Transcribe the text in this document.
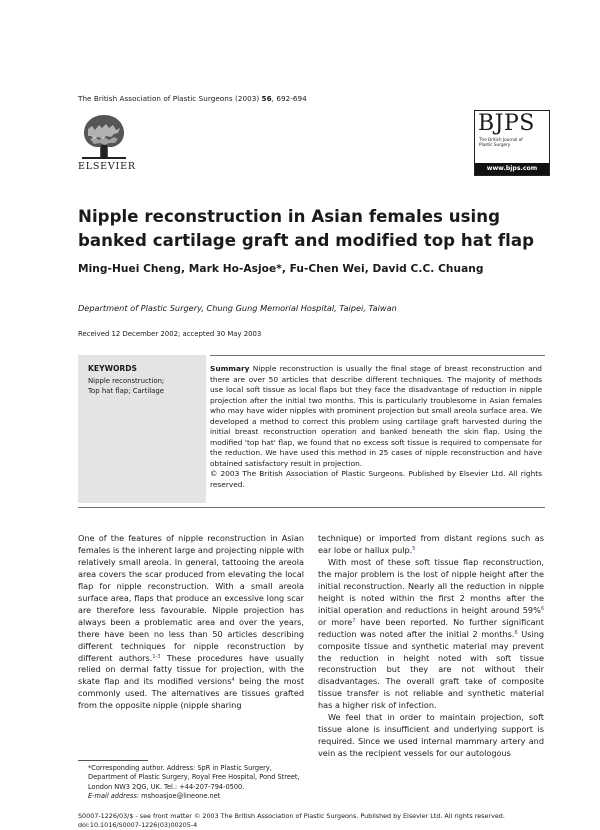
The British Association of Plastic Surgeons (2003) 56, 692-694
ELSEVIER
BJPS
The British Journal of
Plastic Surgery
www.bjps.com
Nipple reconstruction in Asian females using banked cartilage graft and modified top hat flap
Ming-Huei Cheng, Mark Ho-Asjoe*, Fu-Chen Wei, David C.C. Chuang
Department of Plastic Surgery, Chung Gung Memorial Hospital, Taipei, Taiwan
Received 12 December 2002; accepted 30 May 2003
KEYWORDS
Nipple reconstruction;
Top hat flap; Cartilage
Summary Nipple reconstruction is usually the final stage of breast reconstruction and there are over 50 articles that describe different techniques. The majority of methods use local soft tissue as local flaps but they face the disadvantage of reduction in nipple projection after the initial two months. This is particularly troublesome in Asian females who may have wider nipples with prominent projection but small areola surface area. We developed a method to correct this problem using cartilage graft harvested during the initial breast reconstruction operation and banked beneath the skin flap. Using the modified 'top hat' flap, we found that no excess soft tissue is required to compensate for the reduction. We have used this method in 25 cases of nipple reconstruction and have obtained satisfactory result in projection.
© 2003 The British Association of Plastic Surgeons. Published by Elsevier Ltd. All rights reserved.

One of the features of nipple reconstruction in Asian females is the inherent large and projecting nipple with relatively small areola. In general, tattooing the areola area covers the scar produced from elevating the local flap for nipple reconstruction. With a small areola surface area, flaps that produce an excessive long scar are therefore less favourable. Nipple projection has always been a problematic area and over the years, there have been no less than 50 articles describing different techniques for nipple reconstruction by different authors.$^{1-3}$ These procedures have usually relied on dermal fatty tissue for projection, with the skate flap and its modified versions$^4$ being the most commonly used. The alternatives are tissues grafted from the opposite nipple (nipple sharing

technique) or imported from distant regions such as ear lobe or hallux pulp.$^5$

With most of these soft tissue flap reconstruction, the major problem is the lost of nipple height after the initial reconstruction. Nearly all the reduction in nipple height is noted within the first 2 months after the initial operation and reductions in height around 59%$^6$ or more$^7$ have been reported. No further significant reduction was noted after the initial 2 months.$^6$ Using composite tissue and synthetic material may prevent the reduction in height noted with soft tissue reconstruction but they are not without their disadvantages. The overall graft take of composite tissue transfer is not reliable and synthetic material has a higher risk of infection.

We feel that in order to maintain projection, soft tissue alone is insufficient and underlying support is required. Since we used internal mammary artery and vein as the recipient vessels for our autologous

*Corresponding author. Address: SpR in Plastic Surgery, Department of Plastic Surgery, Royal Free Hospital, Pond Street, London NW3 2QG, UK. Tel.: +44-207-794-0500.
E-mail address: mshoasjoe@lineone.net
S0007-1226/03/$ - see front matter © 2003 The British Association of Plastic Surgeons. Published by Elsevier Ltd. All rights reserved.
doi:10.1016/S0007-1226(03)00205-4
